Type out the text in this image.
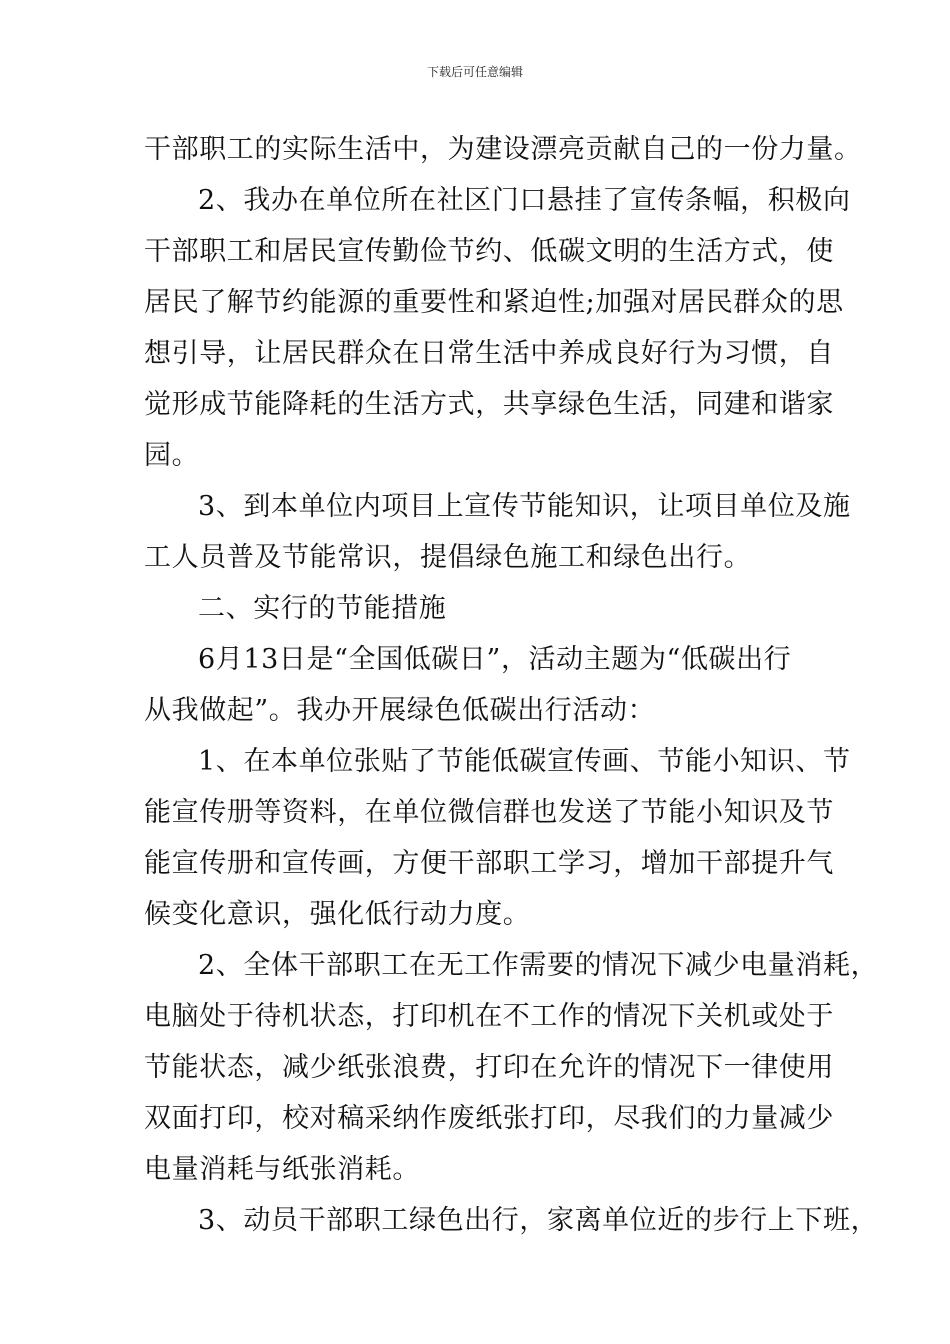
下载后可任意编辑
干部职工的实际生活中，为建设漂亮贡献自己的一份力量。
2、我办在单位所在社区门口悬挂了宣传条幅，积极向
干部职工和居民宣传勤俭节约、低碳文明的生活方式，使
居民了解节约能源的重要性和紧迫性;加强对居民群众的思
想引导，让居民群众在日常生活中养成良好行为习惯，自
觉形成节能降耗的生活方式，共享绿色生活，同建和谐家
园。
3、到本单位内项目上宣传节能知识，让项目单位及施
工人员普及节能常识，提倡绿色施工和绿色出行。
二、实行的节能措施
6月13日是“全国低碳日”，活动主题为“低碳出行
从我做起”。我办开展绿色低碳出行活动：
1、在本单位张贴了节能低碳宣传画、节能小知识、节
能宣传册等资料，在单位微信群也发送了节能小知识及节
能宣传册和宣传画，方便干部职工学习，增加干部提升气
候变化意识，强化低行动力度。
2、全体干部职工在无工作需要的情况下减少电量消耗，
电脑处于待机状态，打印机在不工作的情况下关机或处于
节能状态，减少纸张浪费，打印在允许的情况下一律使用
双面打印，校对稿采纳作废纸张打印，尽我们的力量减少
电量消耗与纸张消耗。
3、动员干部职工绿色出行，家离单位近的步行上下班，
